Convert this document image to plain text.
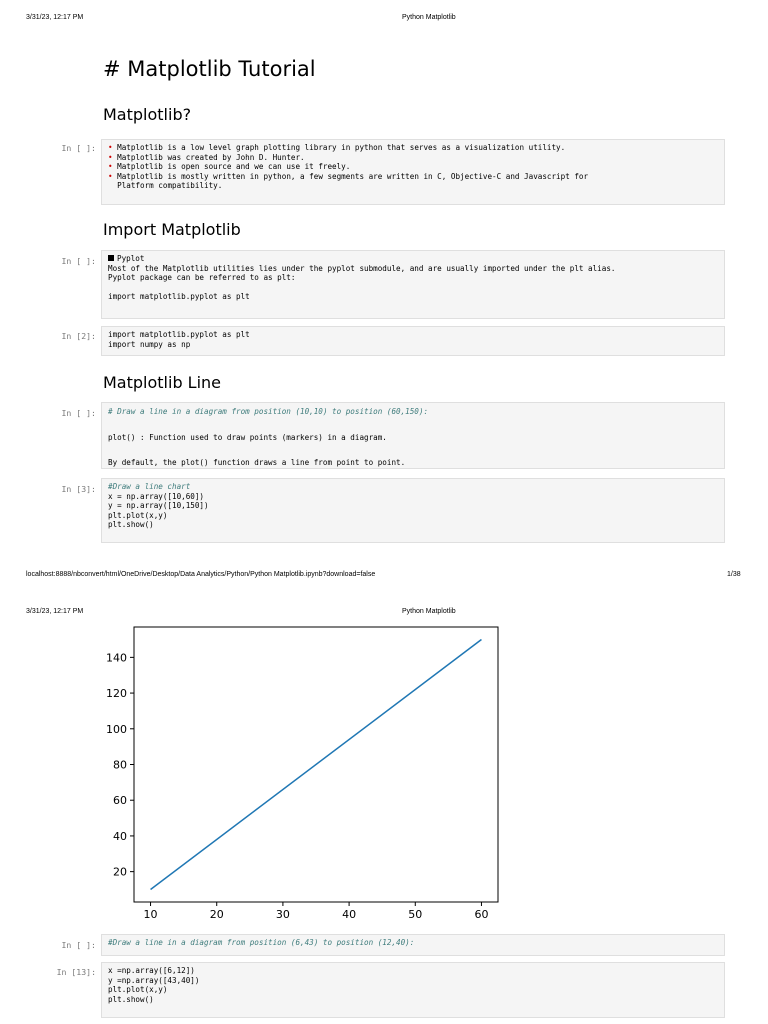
3/31/23, 12:17 PM	Python Matplotlib
# Matplotlib Tutorial
Matplotlib?
In [ ]:	• Matplotlib is a low level graph plotting library in python that serves as a visualization utility.
• Matplotlib was created by John D. Hunter.
• Matplotlib is open source and we can use it freely.
• Matplotlib is mostly written in python, a few segments are written in C, Objective-C and Javascript for
Platform compatibility.
Import Matplotlib
In [ ]:	Pyplot
Most of the Matplotlib utilities lies under the pyplot submodule, and are usually imported under the plt alias.
Pyplot package can be referred to as plt:

import matplotlib.pyplot as plt
In [2]:	import matplotlib.pyplot as plt
import numpy as np
Matplotlib Line
In [ ]:	# Draw a line in a diagram from position (10,10) to position (60,150):

plot() : Function used to draw points (markers) in a diagram.

By default, the plot() function draws a line from point to point.
In [3]:	#Draw a line chart
x = np.array([10,60])
y = np.array([10,150])
plt.plot(x,y)
plt.show()
localhost:8888/nbconvert/html/OneDrive/Desktop/Data Analytics/Python/Python Matplotlib.ipynb?download=false	1/38
3/31/23, 12:17 PM	Python Matplotlib
10	20	30	40	50	60
20
40
60
80
100
120
140
In [ ]:	#Draw a line in a diagram from position (6,43) to position (12,40):
In [13]:	x =np.array([6,12])
y =np.array([43,40])
plt.plot(x,y)
plt.show()
